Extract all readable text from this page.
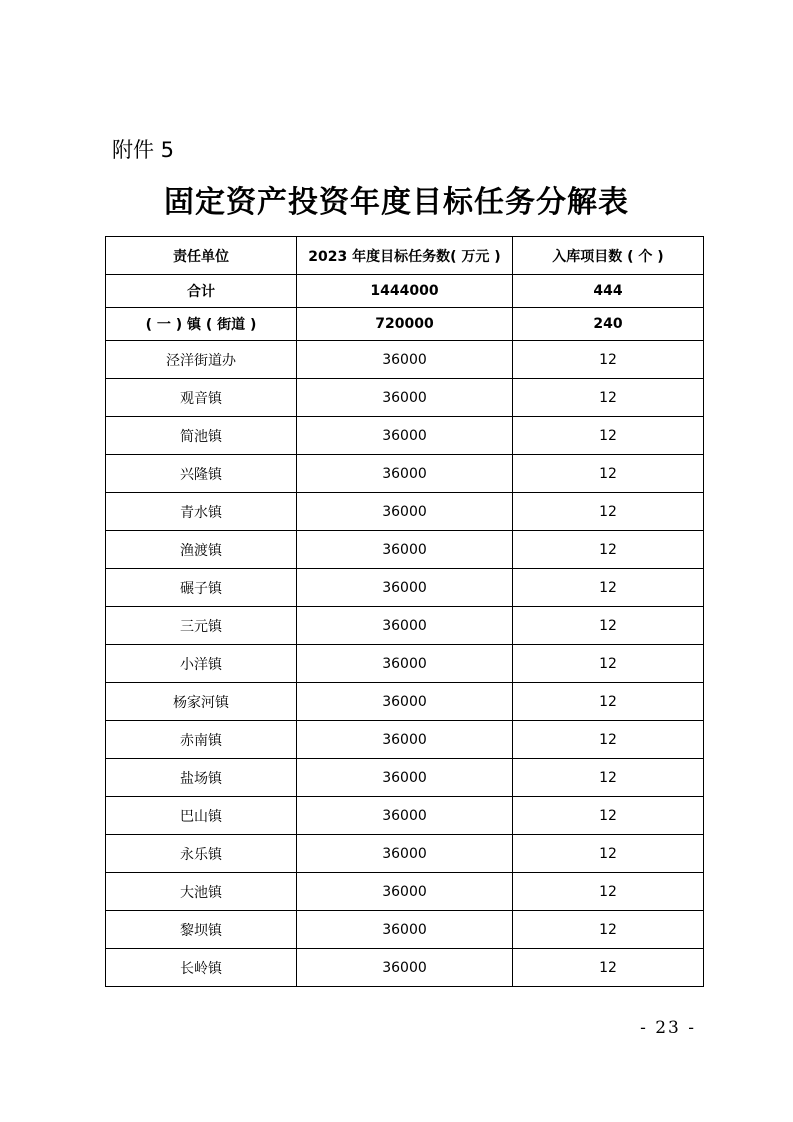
附件 5
固定资产投资年度目标任务分解表
责任单位	2023 年度目标任务数( 万元 )	入库项目数 ( 个 )
合计	1444000	444
( 一 ) 镇 ( 街道 )	720000	240
泾洋街道办	36000	12
观音镇	36000	12
简池镇	36000	12
兴隆镇	36000	12
青水镇	36000	12
渔渡镇	36000	12
碾子镇	36000	12
三元镇	36000	12
小洋镇	36000	12
杨家河镇	36000	12
赤南镇	36000	12
盐场镇	36000	12
巴山镇	36000	12
永乐镇	36000	12
大池镇	36000	12
黎坝镇	36000	12
长岭镇	36000	12
- 23 -
